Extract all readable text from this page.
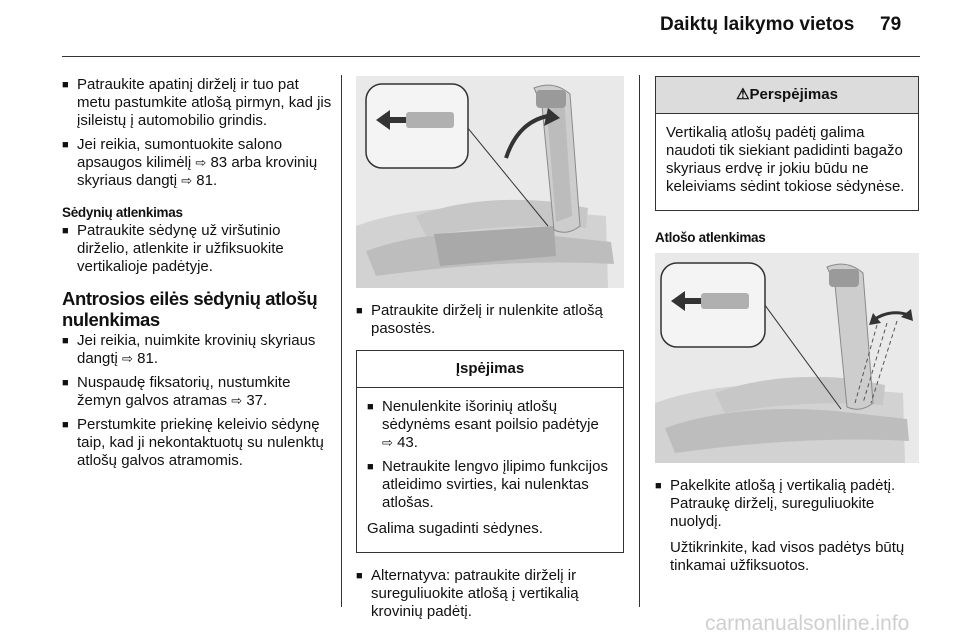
Daiktų laikymo vietos 79

■ Patraukite apatinį dirželį ir tuo pat metu pastumkite atlošą pirmyn, kad jis įsileistų į automobilio grindis.

■ Jei reikia, sumontuokite salono apsaugos kilimėlį ⇨ 83 arba krovinių skyriaus dangtį ⇨ 81.

Sėdynių atlenkimas

■ Patraukite sėdynę už viršutinio dirželio, atlenkite ir užfiksuokite vertikalioje padėtyje.

Antrosios eilės sėdynių atlošų nulenkimas

■ Jei reikia, nuimkite krovinių skyriaus dangtį ⇨ 81.

■ Nuspaudę fiksatorių, nustumkite žemyn galvos atramas ⇨ 37.

■ Perstumkite priekinę keleivio sėdynę taip, kad ji nekontaktuotų su nulenktų atlošų galvos atramomis.

■ Patraukite dirželį ir nulenkite atlošą pasostės.

Įspėjimas

■ Nenulenkite išorinių atlošų sėdynėms esant poilsio padėtyje ⇨ 43.

■ Netraukite lengvo įlipimo funkcijos atleidimo svirties, kai nulenktas atlošas.

Galima sugadinti sėdynes.

■ Alternatyva: patraukite dirželį ir sureguliuokite atlošą į vertikalią krovinių padėtį.

⚠Perspėjimas

Vertikalią atlošų padėtį galima naudoti tik siekiant padidinti bagažo skyriaus erdvę ir jokiu būdu ne keleiviams sėdint tokiose sėdynėse.

Atlošo atlenkimas

■ Pakelkite atlošą į vertikalią padėtį. Patraukę dirželį, sureguliuokite nuolydį.

Užtikrinkite, kad visos padėtys būtų tinkamai užfiksuotos.

carmanualsonline.info
